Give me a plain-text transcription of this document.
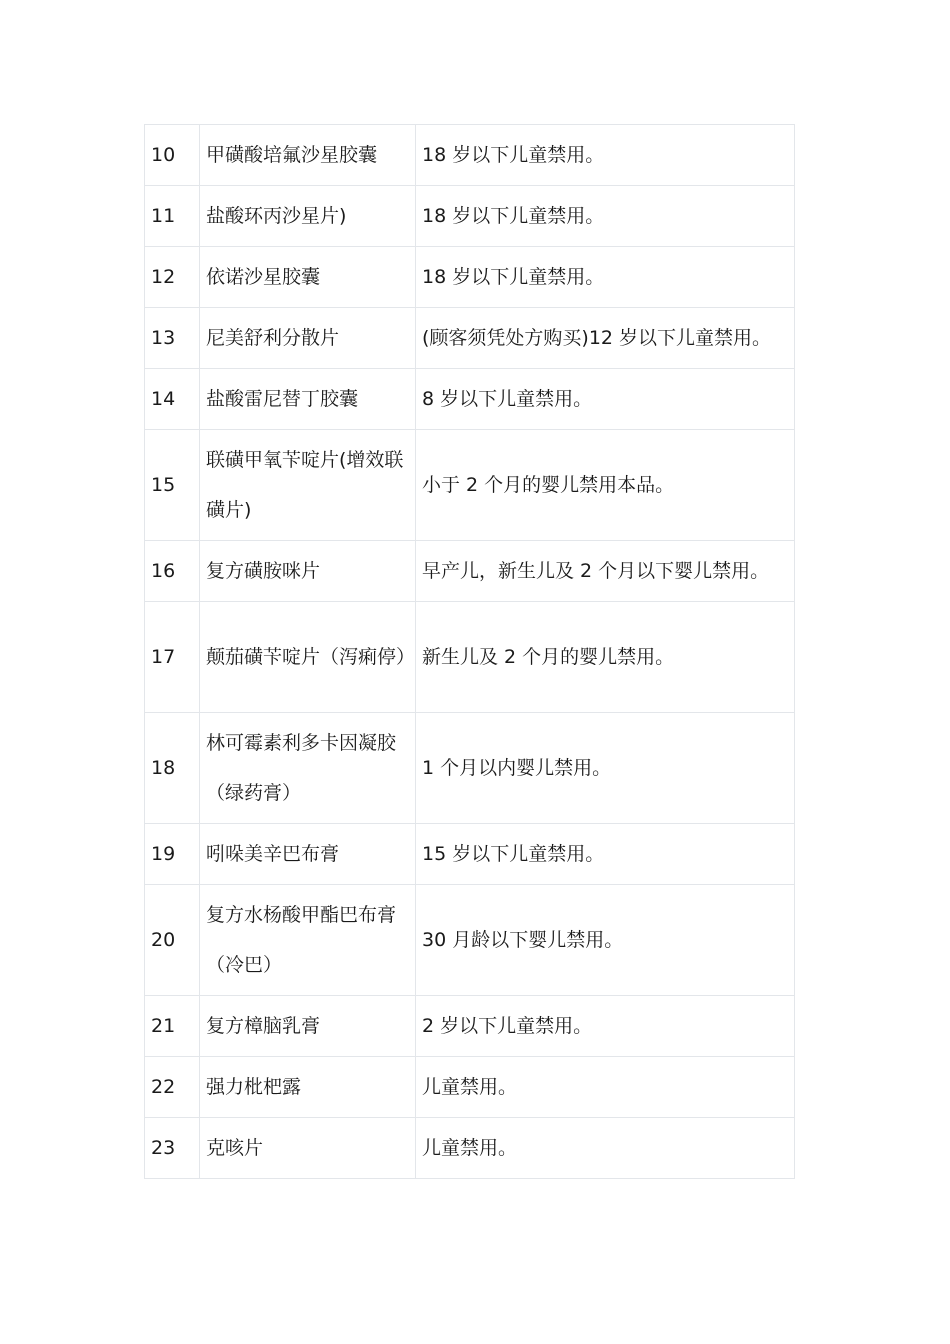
10	甲磺酸培氟沙星胶囊	18 岁以下儿童禁用。
11	盐酸环丙沙星片)	18 岁以下儿童禁用。
12	依诺沙星胶囊	18 岁以下儿童禁用。
13	尼美舒利分散片	(顾客须凭处方购买)12 岁以下儿童禁用。
14	盐酸雷尼替丁胶囊	8 岁以下儿童禁用。
15	联磺甲氧苄啶片(增效联磺片)	小于 2 个月的婴儿禁用本品。
16	复方磺胺咪片	早产儿，新生儿及 2 个月以下婴儿禁用。
17	颠茄磺苄啶片（泻痢停）	新生儿及 2 个月的婴儿禁用。
18	林可霉素利多卡因凝胶（绿药膏）	1 个月以内婴儿禁用。
19	吲哚美辛巴布膏	15 岁以下儿童禁用。
20	复方水杨酸甲酯巴布膏（冷巴）	30 月龄以下婴儿禁用。
21	复方樟脑乳膏	2 岁以下儿童禁用。
22	强力枇杷露	儿童禁用。
23	克咳片	儿童禁用。
